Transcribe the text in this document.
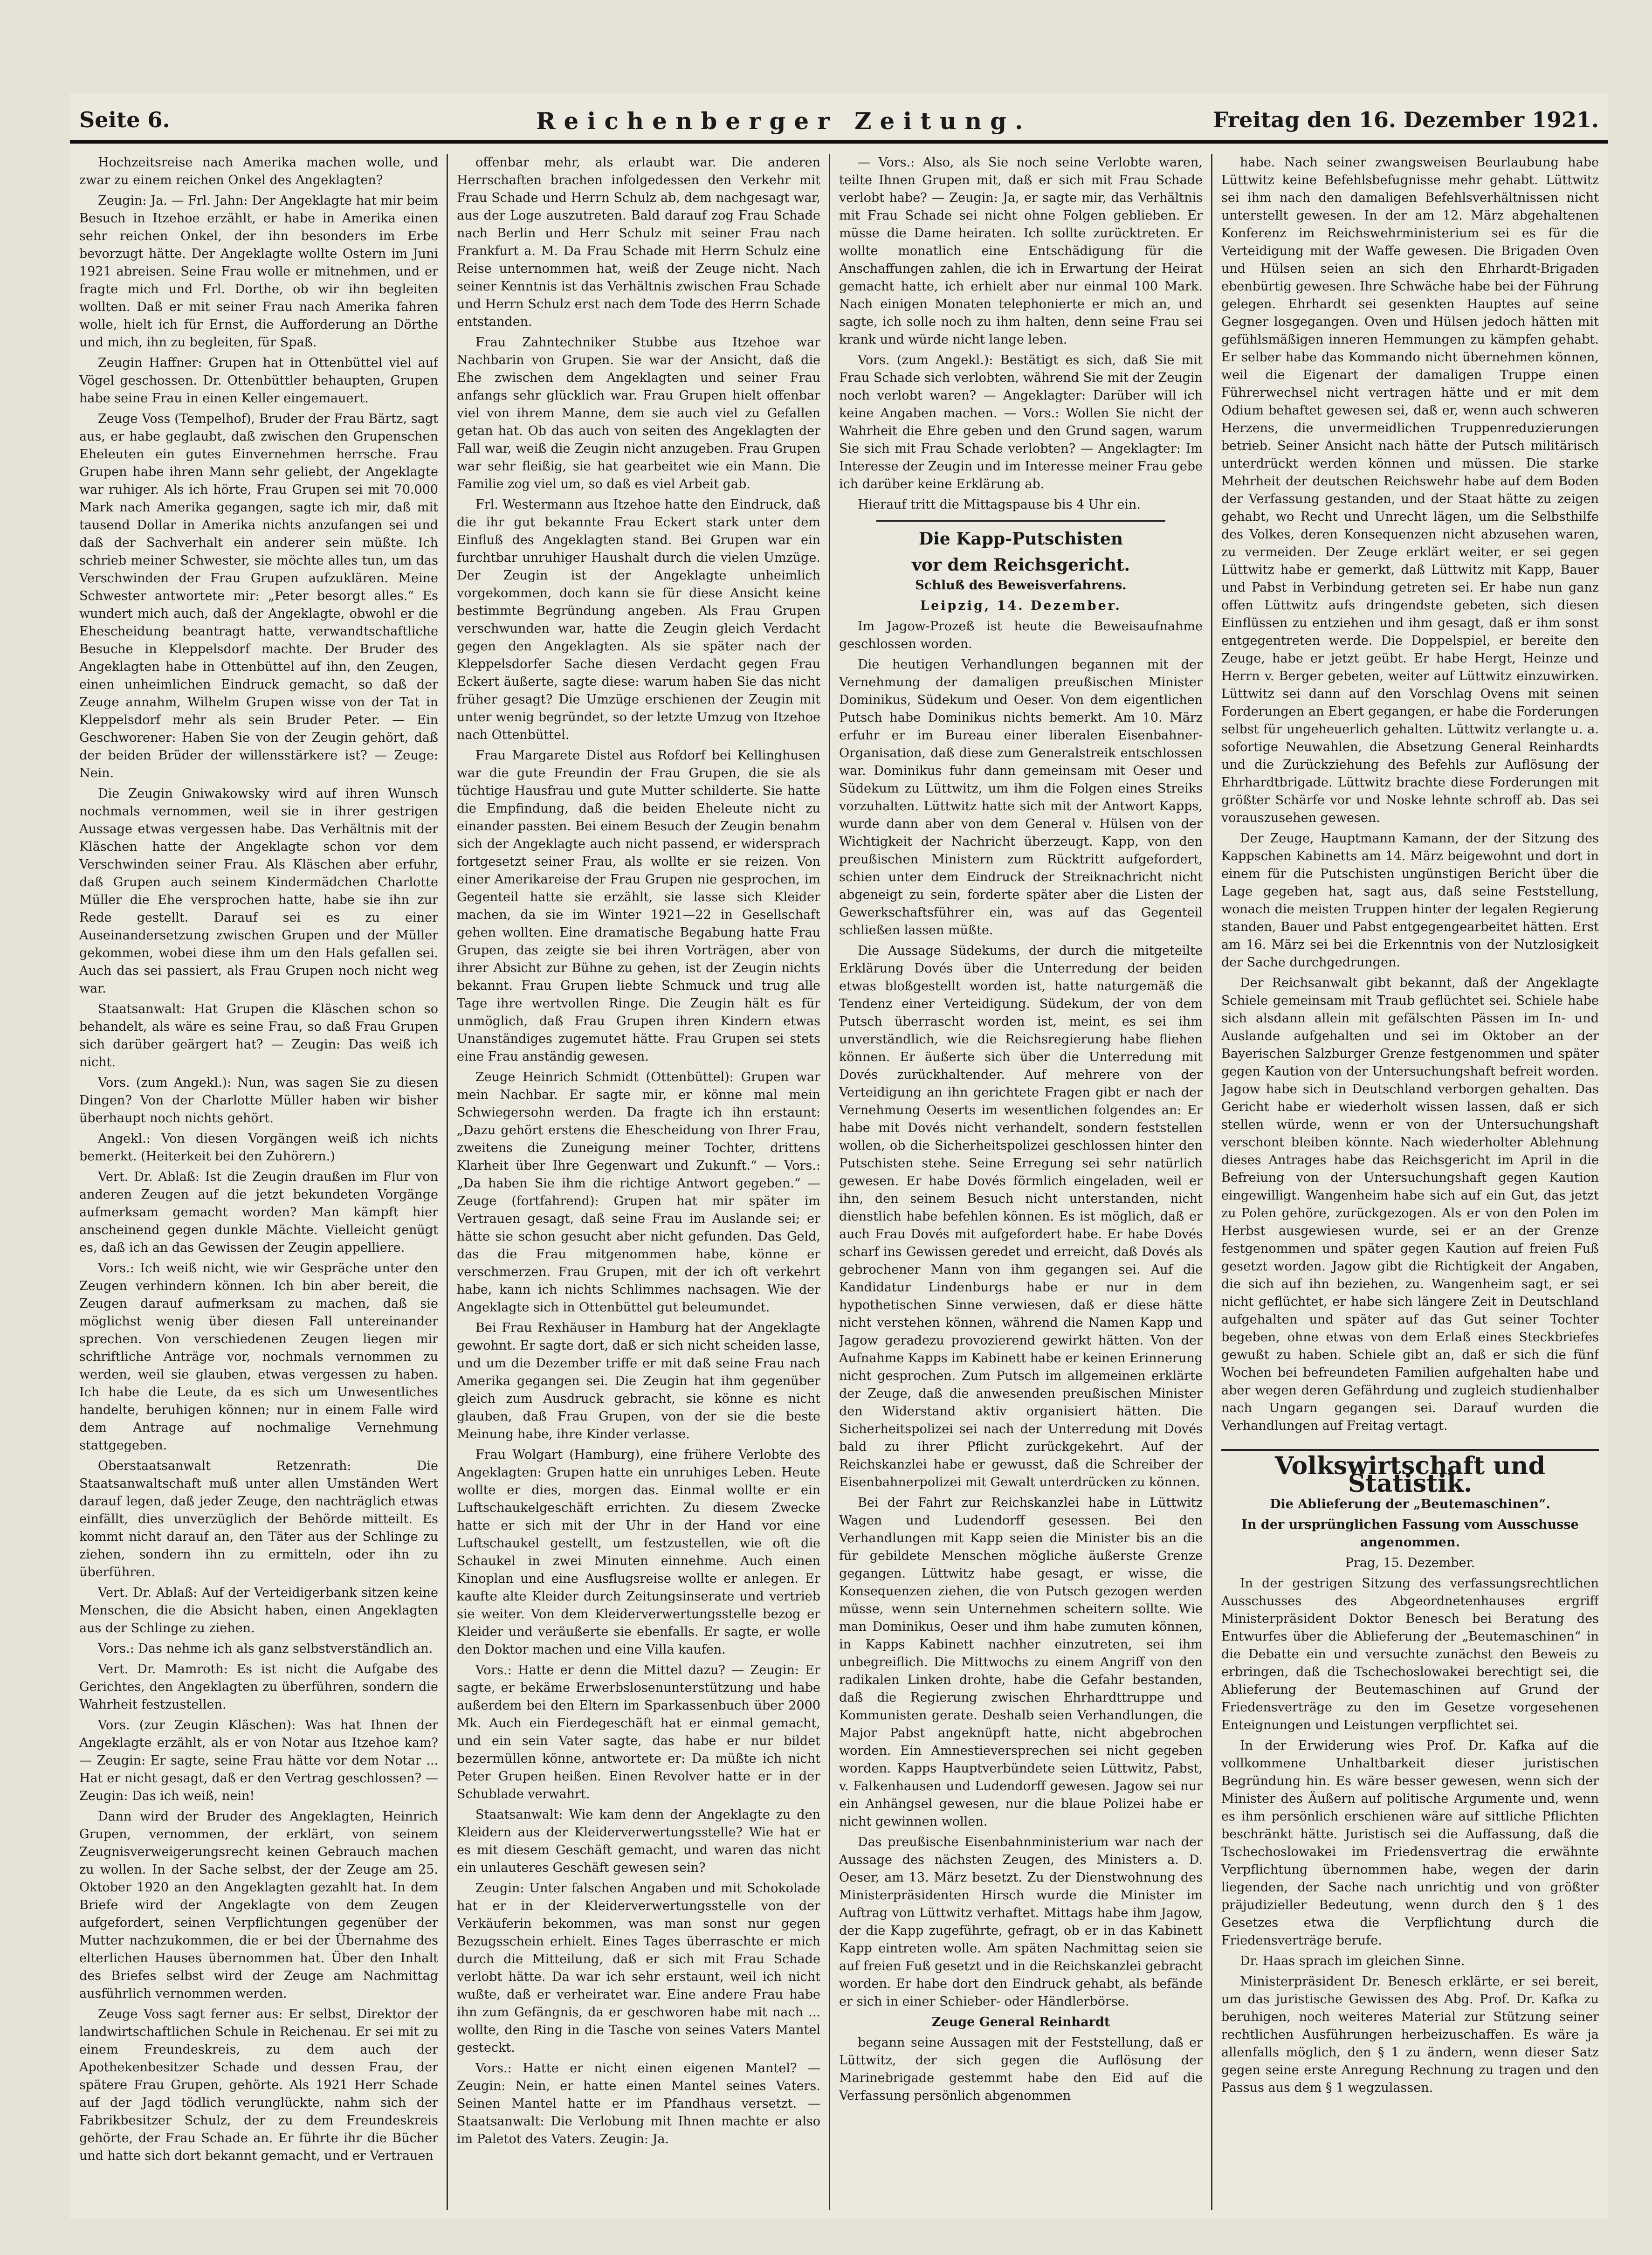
Seite 6.	Reichenberger Zeitung.	Freitag den 16. Dezember 1921.

Hochzeitsreise nach Amerika machen wolle, und zwar zu einem reichen Onkel des Angeklagten?

Zeugin: Ja. — Frl. Jahn: Der Angeklagte hat mir beim Besuch in Itzehoe erzählt, er habe in Amerika einen sehr reichen Onkel, der ihn besonders im Erbe bevorzugt hätte. Der Angeklagte wollte Ostern im Juni 1921 abreisen. Seine Frau wolle er mitnehmen, und er fragte mich und Frl. Dorthe, ob wir ihn begleiten wollten. Daß er mit seiner Frau nach Amerika fahren wolle, hielt ich für Ernst, die Aufforderung an Dörthe und mich, ihn zu begleiten, für Spaß.

Zeugin Haffner: Grupen hat in Ottenbüttel viel auf Vögel geschossen. Dr. Ottenbüttler behaupten, Grupen habe seine Frau in einen Keller eingemauert.

Zeuge Voss (Tempelhof), Bruder der Frau Bärtz, sagt aus, er habe geglaubt, daß zwischen den Grupenschen Eheleuten ein gutes Einvernehmen herrsche. Frau Grupen habe ihren Mann sehr geliebt, der Angeklagte war ruhiger. Als ich hörte, Frau Grupen sei mit 70.000 Mark nach Amerika gegangen, sagte ich mir, daß mit tausend Dollar in Amerika nichts anzufangen sei und daß der Sachverhalt ein anderer sein müßte. Ich schrieb meiner Schwester, sie möchte alles tun, um das Verschwinden der Frau Grupen aufzuklären. Meine Schwester antwortete mir: „Peter besorgt alles.“ Es wundert mich auch, daß der Angeklagte, obwohl er die Ehescheidung beantragt hatte, verwandtschaftliche Besuche in Kleppelsdorf machte. Der Bruder des Angeklagten habe in Ottenbüttel auf ihn, den Zeugen, einen unheimlichen Eindruck gemacht, so daß der Zeuge annahm, Wilhelm Grupen wisse von der Tat in Kleppelsdorf mehr als sein Bruder Peter. — Ein Geschworener: Haben Sie von der Zeugin gehört, daß der beiden Brüder der willensstärkere ist? — Zeuge: Nein.

Die Zeugin Gniwakowsky wird auf ihren Wunsch nochmals vernommen, weil sie in ihrer gestrigen Aussage etwas vergessen habe. Das Verhältnis mit der Kläschen hatte der Angeklagte schon vor dem Verschwinden seiner Frau. Als Kläschen aber erfuhr, daß Grupen auch seinem Kindermädchen Charlotte Müller die Ehe versprochen hatte, habe sie ihn zur Rede gestellt. Darauf sei es zu einer Auseinandersetzung zwischen Grupen und der Müller gekommen, wobei diese ihm um den Hals gefallen sei. Auch das sei passiert, als Frau Grupen noch nicht weg war.

Staatsanwalt: Hat Grupen die Kläschen schon so behandelt, als wäre es seine Frau, so daß Frau Grupen sich darüber geärgert hat? — Zeugin: Das weiß ich nicht.

Vors. (zum Angekl.): Nun, was sagen Sie zu diesen Dingen? Von der Charlotte Müller haben wir bisher überhaupt noch nichts gehört.

Angekl.: Von diesen Vorgängen weiß ich nichts bemerkt. (Heiterkeit bei den Zuhörern.)

Vert. Dr. Ablaß: Ist die Zeugin draußen im Flur von anderen Zeugen auf die jetzt bekundeten Vorgänge aufmerksam gemacht worden? Man kämpft hier anscheinend gegen dunkle Mächte. Vielleicht genügt es, daß ich an das Gewissen der Zeugin appelliere.

Vors.: Ich weiß nicht, wie wir Gespräche unter den Zeugen verhindern können. Ich bin aber bereit, die Zeugen darauf aufmerksam zu machen, daß sie möglichst wenig über diesen Fall untereinander sprechen. Von verschiedenen Zeugen liegen mir schriftliche Anträge vor, nochmals vernommen zu werden, weil sie glauben, etwas vergessen zu haben. Ich habe die Leute, da es sich um Unwesentliches handelte, beruhigen können; nur in einem Falle wird dem Antrage auf nochmalige Vernehmung stattgegeben.

Oberstaatsanwalt Retzenrath: Die Staatsanwaltschaft muß unter allen Umständen Wert darauf legen, daß jeder Zeuge, den nachträglich etwas einfällt, dies unverzüglich der Behörde mitteilt. Es kommt nicht darauf an, den Täter aus der Schlinge zu ziehen, sondern ihn zu ermitteln, oder ihn zu überführen.

Vert. Dr. Ablaß: Auf der Verteidigerbank sitzen keine Menschen, die die Absicht haben, einen Angeklagten aus der Schlinge zu ziehen.

Vors.: Das nehme ich als ganz selbstverständlich an.

Vert. Dr. Mamroth: Es ist nicht die Aufgabe des Gerichtes, den Angeklagten zu überführen, sondern die Wahrheit festzustellen.

Vors. (zur Zeugin Kläschen): Was hat Ihnen der Angeklagte erzählt, als er von Notar aus Itzehoe kam? — Zeugin: Er sagte, seine Frau hätte vor dem Notar ... Hat er nicht gesagt, daß er den Vertrag geschlossen? — Zeugin: Das ich weiß, nein!

Dann wird der Bruder des Angeklagten, Heinrich Grupen, vernommen, der erklärt, von seinem Zeugnisverweigerungsrecht keinen Gebrauch machen zu wollen. In der Sache selbst, der der Zeuge am 25. Oktober 1920 an den Angeklagten gezahlt hat. In dem Briefe wird der Angeklagte von dem Zeugen aufgefordert, seinen Verpflichtungen gegenüber der Mutter nachzukommen, die er bei der Übernahme des elterlichen Hauses übernommen hat. Über den Inhalt des Briefes selbst wird der Zeuge am Nachmittag ausführlich vernommen werden.

Zeuge Voss sagt ferner aus: Er selbst, Direktor der landwirtschaftlichen Schule in Reichenau. Er sei mit zu einem Freundeskreis, zu dem auch der Apothekenbesitzer Schade und dessen Frau, der spätere Frau Grupen, gehörte. Als 1921 Herr Schade auf der Jagd tödlich verunglückte, nahm sich der Fabrikbesitzer Schulz, der zu dem Freundeskreis gehörte, der Frau Schade an. Er führte ihr die Bücher und hatte sich dort bekannt gemacht, und er Vertrauen

offenbar mehr, als erlaubt war. Die anderen Herrschaften brachen infolgedessen den Verkehr mit Frau Schade und Herrn Schulz ab, dem nachgesagt war, aus der Loge auszutreten. Bald darauf zog Frau Schade nach Berlin und Herr Schulz mit seiner Frau nach Frankfurt a. M. Da Frau Schade mit Herrn Schulz eine Reise unternommen hat, weiß der Zeuge nicht. Nach seiner Kenntnis ist das Verhältnis zwischen Frau Schade und Herrn Schulz erst nach dem Tode des Herrn Schade entstanden.

Frau Zahntechniker Stubbe aus Itzehoe war Nachbarin von Grupen. Sie war der Ansicht, daß die Ehe zwischen dem Angeklagten und seiner Frau anfangs sehr glücklich war. Frau Grupen hielt offenbar viel von ihrem Manne, dem sie auch viel zu Gefallen getan hat. Ob das auch von seiten des Angeklagten der Fall war, weiß die Zeugin nicht anzugeben. Frau Grupen war sehr fleißig, sie hat gearbeitet wie ein Mann. Die Familie zog viel um, so daß es viel Arbeit gab.

Frl. Westermann aus Itzehoe hatte den Eindruck, daß die ihr gut bekannte Frau Eckert stark unter dem Einfluß des Angeklagten stand. Bei Grupen war ein furchtbar unruhiger Haushalt durch die vielen Umzüge. Der Zeugin ist der Angeklagte unheimlich vorgekommen, doch kann sie für diese Ansicht keine bestimmte Begründung angeben. Als Frau Grupen verschwunden war, hatte die Zeugin gleich Verdacht gegen den Angeklagten. Als sie später nach der Kleppelsdorfer Sache diesen Verdacht gegen Frau Eckert äußerte, sagte diese: warum haben Sie das nicht früher gesagt? Die Umzüge erschienen der Zeugin mit unter wenig begründet, so der letzte Umzug von Itzehoe nach Ottenbüttel.

Frau Margarete Distel aus Rofdorf bei Kellinghusen war die gute Freundin der Frau Grupen, die sie als tüchtige Hausfrau und gute Mutter schilderte. Sie hatte die Empfindung, daß die beiden Eheleute nicht zu einander passten. Bei einem Besuch der Zeugin benahm sich der Angeklagte auch nicht passend, er widersprach fortgesetzt seiner Frau, als wollte er sie reizen. Von einer Amerikareise der Frau Grupen nie gesprochen, im Gegenteil hatte sie erzählt, sie lasse sich Kleider machen, da sie im Winter 1921—22 in Gesellschaft gehen wollten. Eine dramatische Begabung hatte Frau Grupen, das zeigte sie bei ihren Vorträgen, aber von ihrer Absicht zur Bühne zu gehen, ist der Zeugin nichts bekannt. Frau Grupen liebte Schmuck und trug alle Tage ihre wertvollen Ringe. Die Zeugin hält es für unmöglich, daß Frau Grupen ihren Kindern etwas Unanständiges zugemutet hätte. Frau Grupen sei stets eine Frau anständig gewesen.

Zeuge Heinrich Schmidt (Ottenbüttel): Grupen war mein Nachbar. Er sagte mir, er könne mal mein Schwiegersohn werden. Da fragte ich ihn erstaunt: „Dazu gehört erstens die Ehescheidung von Ihrer Frau, zweitens die Zuneigung meiner Tochter, drittens Klarheit über Ihre Gegenwart und Zukunft.“ — Vors.: „Da haben Sie ihm die richtige Antwort gegeben.“ — Zeuge (fortfahrend): Grupen hat mir später im Vertrauen gesagt, daß seine Frau im Auslande sei; er hätte sie schon gesucht aber nicht gefunden. Das Geld, das die Frau mitgenommen habe, könne er verschmerzen. Frau Grupen, mit der ich oft verkehrt habe, kann ich nichts Schlimmes nachsagen. Wie der Angeklagte sich in Ottenbüttel gut beleumundet.

Bei Frau Rexhäuser in Hamburg hat der Angeklagte gewohnt. Er sagte dort, daß er sich nicht scheiden lasse, und um die Dezember triffe er mit daß seine Frau nach Amerika gegangen sei. Die Zeugin hat ihm gegenüber gleich zum Ausdruck gebracht, sie könne es nicht glauben, daß Frau Grupen, von der sie die beste Meinung habe, ihre Kinder verlasse.

Frau Wolgart (Hamburg), eine frühere Verlobte des Angeklagten: Grupen hatte ein unruhiges Leben. Heute wollte er dies, morgen das. Einmal wollte er ein Luftschaukelgeschäft errichten. Zu diesem Zwecke hatte er sich mit der Uhr in der Hand vor eine Luftschaukel gestellt, um festzustellen, wie oft die Schaukel in zwei Minuten einnehme. Auch einen Kinoplan und eine Ausflugsreise wollte er anlegen. Er kaufte alte Kleider durch Zeitungsinserate und vertrieb sie weiter. Von dem Kleiderverwertungsstelle bezog er Kleider und veräußerte sie ebenfalls. Er sagte, er wolle den Doktor machen und eine Villa kaufen.

Vors.: Hatte er denn die Mittel dazu? — Zeugin: Er sagte, er bekäme Erwerbslosenunterstützung und habe außerdem bei den Eltern im Sparkassenbuch über 2000 Mk. Auch ein Fierdegeschäft hat er einmal gemacht, und ein sein Vater sagte, das habe er nur bildet bezermüllen könne, antwortete er: Da müßte ich nicht Peter Grupen heißen. Einen Revolver hatte er in der Schublade verwahrt.

Staatsanwalt: Wie kam denn der Angeklagte zu den Kleidern aus der Kleiderverwertungsstelle? Wie hat er es mit diesem Geschäft gemacht, und waren das nicht ein unlauteres Geschäft gewesen sein?

Zeugin: Unter falschen Angaben und mit Schokolade hat er in der Kleiderverwertungsstelle von der Verkäuferin bekommen, was man sonst nur gegen Bezugsschein erhielt. Eines Tages überraschte er mich durch die Mitteilung, daß er sich mit Frau Schade verlobt hätte. Da war ich sehr erstaunt, weil ich nicht wußte, daß er verheiratet war. Eine andere Frau habe ihn zum Gefängnis, da er geschworen habe mit nach ... wollte, den Ring in die Tasche von seines Vaters Mantel gesteckt.

Vors.: Hatte er nicht einen eigenen Mantel? — Zeugin: Nein, er hatte einen Mantel seines Vaters. Seinen Mantel hatte er im Pfandhaus versetzt. — Staatsanwalt: Die Verlobung mit Ihnen machte er also im Paletot des Vaters. Zeugin: Ja.

— Vors.: Also, als Sie noch seine Verlobte waren, teilte Ihnen Grupen mit, daß er sich mit Frau Schade verlobt habe? — Zeugin: Ja, er sagte mir, das Verhältnis mit Frau Schade sei nicht ohne Folgen geblieben. Er müsse die Dame heiraten. Ich sollte zurücktreten. Er wollte monatlich eine Entschädigung für die Anschaffungen zahlen, die ich in Erwartung der Heirat gemacht hatte, ich erhielt aber nur einmal 100 Mark. Nach einigen Monaten telephonierte er mich an, und sagte, ich solle noch zu ihm halten, denn seine Frau sei krank und würde nicht lange leben.

Vors. (zum Angekl.): Bestätigt es sich, daß Sie mit Frau Schade sich verlobten, während Sie mit der Zeugin noch verlobt waren? — Angeklagter: Darüber will ich keine Angaben machen. — Vors.: Wollen Sie nicht der Wahrheit die Ehre geben und den Grund sagen, warum Sie sich mit Frau Schade verlobten? — Angeklagter: Im Interesse der Zeugin und im Interesse meiner Frau gebe ich darüber keine Erklärung ab.

Hierauf tritt die Mittagspause bis 4 Uhr ein.

Die Kapp-Putschisten

vor dem Reichsgericht.

Schluß des Beweisverfahrens.

Leipzig, 14. Dezember.

Im Jagow-Prozeß ist heute die Beweisaufnahme geschlossen worden.

Die heutigen Verhandlungen begannen mit der Vernehmung der damaligen preußischen Minister Dominikus, Südekum und Oeser. Von dem eigentlichen Putsch habe Dominikus nichts bemerkt. Am 10. März erfuhr er im Bureau einer liberalen Eisenbahner-Organisation, daß diese zum Generalstreik entschlossen war. Dominikus fuhr dann gemeinsam mit Oeser und Südekum zu Lüttwitz, um ihm die Folgen eines Streiks vorzuhalten. Lüttwitz hatte sich mit der Antwort Kapps, wurde dann aber von dem General v. Hülsen von der Wichtigkeit der Nachricht überzeugt. Kapp, von den preußischen Ministern zum Rücktritt aufgefordert, schien unter dem Eindruck der Streiknachricht nicht abgeneigt zu sein, forderte später aber die Listen der Gewerkschaftsführer ein, was auf das Gegenteil schließen lassen müßte.

Die Aussage Südekums, der durch die mitgeteilte Erklärung Dovés über die Unterredung der beiden etwas bloßgestellt worden ist, hatte naturgemäß die Tendenz einer Verteidigung. Südekum, der von dem Putsch überrascht worden ist, meint, es sei ihm unverständlich, wie die Reichsregierung habe fliehen können. Er äußerte sich über die Unterredung mit Dovés zurückhaltender. Auf mehrere von der Verteidigung an ihn gerichtete Fragen gibt er nach der Vernehmung Oeserts im wesentlichen folgendes an: Er habe mit Dovés nicht verhandelt, sondern feststellen wollen, ob die Sicherheitspolizei geschlossen hinter den Putschisten stehe. Seine Erregung sei sehr natürlich gewesen. Er habe Dovés förmlich eingeladen, weil er ihn, den seinem Besuch nicht unterstanden, nicht dienstlich habe befehlen können. Es ist möglich, daß er auch Frau Dovés mit aufgefordert habe. Er habe Dovés scharf ins Gewissen geredet und erreicht, daß Dovés als gebrochener Mann von ihm gegangen sei. Auf die Kandidatur Lindenburgs habe er nur in dem hypothetischen Sinne verwiesen, daß er diese hätte nicht verstehen können, während die Namen Kapp und Jagow geradezu provozierend gewirkt hätten. Von der Aufnahme Kapps im Kabinett habe er keinen Erinnerung nicht gesprochen. Zum Putsch im allgemeinen erklärte der Zeuge, daß die anwesenden preußischen Minister den Widerstand aktiv organisiert hätten. Die Sicherheitspolizei sei nach der Unterredung mit Dovés bald zu ihrer Pflicht zurückgekehrt. Auf der Reichskanzlei habe er gewusst, daß die Schreiber der Eisenbahnerpolizei mit Gewalt unterdrücken zu können.

Bei der Fahrt zur Reichskanzlei habe in Lüttwitz Wagen und Ludendorff gesessen. Bei den Verhandlungen mit Kapp seien die Minister bis an die für gebildete Menschen mögliche äußerste Grenze gegangen. Lüttwitz habe gesagt, er wisse, die Konsequenzen ziehen, die von Putsch gezogen werden müsse, wenn sein Unternehmen scheitern sollte. Wie man Dominikus, Oeser und ihm habe zumuten können, in Kapps Kabinett nachher einzutreten, sei ihm unbegreiflich. Die Mittwochs zu einem Angriff von den radikalen Linken drohte, habe die Gefahr bestanden, daß die Regierung zwischen Ehrhardttruppe und Kommunisten gerate. Deshalb seien Verhandlungen, die Major Pabst angeknüpft hatte, nicht abgebrochen worden. Ein Amnestieversprechen sei nicht gegeben worden. Kapps Hauptverbündete seien Lüttwitz, Pabst, v. Falkenhausen und Ludendorff gewesen. Jagow sei nur ein Anhängsel gewesen, nur die blaue Polizei habe er nicht gewinnen wollen.

Das preußische Eisenbahnministerium war nach der Aussage des nächsten Zeugen, des Ministers a. D. Oeser, am 13. März besetzt. Zu der Dienstwohnung des Ministerpräsidenten Hirsch wurde die Minister im Auftrag von Lüttwitz verhaftet. Mittags habe ihm Jagow, der die Kapp zugeführte, gefragt, ob er in das Kabinett Kapp eintreten wolle. Am späten Nachmittag seien sie auf freien Fuß gesetzt und in die Reichskanzlei gebracht worden. Er habe dort den Eindruck gehabt, als befände er sich in einer Schieber- oder Händlerbörse.

Zeuge General Reinhardt

begann seine Aussagen mit der Feststellung, daß er Lüttwitz, der sich gegen die Auflösung der Marinebrigade gestemmt habe den Eid auf die Verfassung persönlich abgenommen

habe. Nach seiner zwangsweisen Beurlaubung habe Lüttwitz keine Befehlsbefugnisse mehr gehabt. Lüttwitz sei ihm nach den damaligen Befehlsverhältnissen nicht unterstellt gewesen. In der am 12. März abgehaltenen Konferenz im Reichswehrministerium sei es für die Verteidigung mit der Waffe gewesen. Die Brigaden Oven und Hülsen seien an sich den Ehrhardt-Brigaden ebenbürtig gewesen. Ihre Schwäche habe bei der Führung gelegen. Ehrhardt sei gesenkten Hauptes auf seine Gegner losgegangen. Oven und Hülsen jedoch hätten mit gefühlsmäßigen inneren Hemmungen zu kämpfen gehabt. Er selber habe das Kommando nicht übernehmen können, weil die Eigenart der damaligen Truppe einen Führerwechsel nicht vertragen hätte und er mit dem Odium behaftet gewesen sei, daß er, wenn auch schweren Herzens, die unvermeidlichen Truppenreduzierungen betrieb. Seiner Ansicht nach hätte der Putsch militärisch unterdrückt werden können und müssen. Die starke Mehrheit der deutschen Reichswehr habe auf dem Boden der Verfassung gestanden, und der Staat hätte zu zeigen gehabt, wo Recht und Unrecht lägen, um die Selbsthilfe des Volkes, deren Konsequenzen nicht abzusehen waren, zu vermeiden. Der Zeuge erklärt weiter, er sei gegen Lüttwitz habe er gemerkt, daß Lüttwitz mit Kapp, Bauer und Pabst in Verbindung getreten sei. Er habe nun ganz offen Lüttwitz aufs dringendste gebeten, sich diesen Einflüssen zu entziehen und ihm gesagt, daß er ihm sonst entgegentreten werde. Die Doppelspiel, er bereite den Zeuge, habe er jetzt geübt. Er habe Hergt, Heinze und Herrn v. Berger gebeten, weiter auf Lüttwitz einzuwirken. Lüttwitz sei dann auf den Vorschlag Ovens mit seinen Forderungen an Ebert gegangen, er habe die Forderungen selbst für ungeheuerlich gehalten. Lüttwitz verlangte u. a. sofortige Neuwahlen, die Absetzung General Reinhardts und die Zurückziehung des Befehls zur Auflösung der Ehrhardtbrigade. Lüttwitz brachte diese Forderungen mit größter Schärfe vor und Noske lehnte schroff ab. Das sei vorauszusehen gewesen.

Der Zeuge, Hauptmann Kamann, der der Sitzung des Kappschen Kabinetts am 14. März beigewohnt und dort in einem für die Putschisten ungünstigen Bericht über die Lage gegeben hat, sagt aus, daß seine Feststellung, wonach die meisten Truppen hinter der legalen Regierung standen, Bauer und Pabst entgegengearbeitet hätten. Erst am 16. März sei bei die Erkenntnis von der Nutzlosigkeit der Sache durchgedrungen.

Der Reichsanwalt gibt bekannt, daß der Angeklagte Schiele gemeinsam mit Traub geflüchtet sei. Schiele habe sich alsdann allein mit gefälschten Pässen im In- und Auslande aufgehalten und sei im Oktober an der Bayerischen Salzburger Grenze festgenommen und später gegen Kaution von der Untersuchungshaft befreit worden. Jagow habe sich in Deutschland verborgen gehalten. Das Gericht habe er wiederholt wissen lassen, daß er sich stellen würde, wenn er von der Untersuchungshaft verschont bleiben könnte. Nach wiederholter Ablehnung dieses Antrages habe das Reichsgericht im April in die Befreiung von der Untersuchungshaft gegen Kaution eingewilligt. Wangenheim habe sich auf ein Gut, das jetzt zu Polen gehöre, zurückgezogen. Als er von den Polen im Herbst ausgewiesen wurde, sei er an der Grenze festgenommen und später gegen Kaution auf freien Fuß gesetzt worden. Jagow gibt die Richtigkeit der Angaben, die sich auf ihn beziehen, zu. Wangenheim sagt, er sei nicht geflüchtet, er habe sich längere Zeit in Deutschland aufgehalten und später auf das Gut seiner Tochter begeben, ohne etwas von dem Erlaß eines Steckbriefes gewußt zu haben. Schiele gibt an, daß er sich die fünf Wochen bei befreundeten Familien aufgehalten habe und aber wegen deren Gefährdung und zugleich studienhalber nach Ungarn gegangen sei. Darauf wurden die Verhandlungen auf Freitag vertagt.

Volkswirtschaft und Statistik.

Die Ablieferung der „Beutemaschinen“.

In der ursprünglichen Fassung vom Ausschusse angenommen.

Prag, 15. Dezember.

In der gestrigen Sitzung des verfassungsrechtlichen Ausschusses des Abgeordnetenhauses ergriff Ministerpräsident Doktor Benesch bei Beratung des Entwurfes über die Ablieferung der „Beutemaschinen“ in die Debatte ein und versuchte zunächst den Beweis zu erbringen, daß die Tschechoslowakei berechtigt sei, die Ablieferung der Beutemaschinen auf Grund der Friedensverträge zu den im Gesetze vorgesehenen Enteignungen und Leistungen verpflichtet sei.

In der Erwiderung wies Prof. Dr. Kafka auf die vollkommene Unhaltbarkeit dieser juristischen Begründung hin. Es wäre besser gewesen, wenn sich der Minister des Äußern auf politische Argumente und, wenn es ihm persönlich erschienen wäre auf sittliche Pflichten beschränkt hätte. Juristisch sei die Auffassung, daß die Tschechoslowakei im Friedensvertrag die erwähnte Verpflichtung übernommen habe, wegen der darin liegenden, der Sache nach unrichtig und von größter präjudizieller Bedeutung, wenn durch den § 1 des Gesetzes etwa die Verpflichtung durch die Friedensverträge berufe.

Dr. Haas sprach im gleichen Sinne.

Ministerpräsident Dr. Benesch erklärte, er sei bereit, um das juristische Gewissen des Abg. Prof. Dr. Kafka zu beruhigen, noch weiteres Material zur Stützung seiner rechtlichen Ausführungen herbeizuschaffen. Es wäre ja allenfalls möglich, den § 1 zu ändern, wenn dieser Satz gegen seine erste Anregung Rechnung zu tragen und den Passus aus dem § 1 wegzulassen.
